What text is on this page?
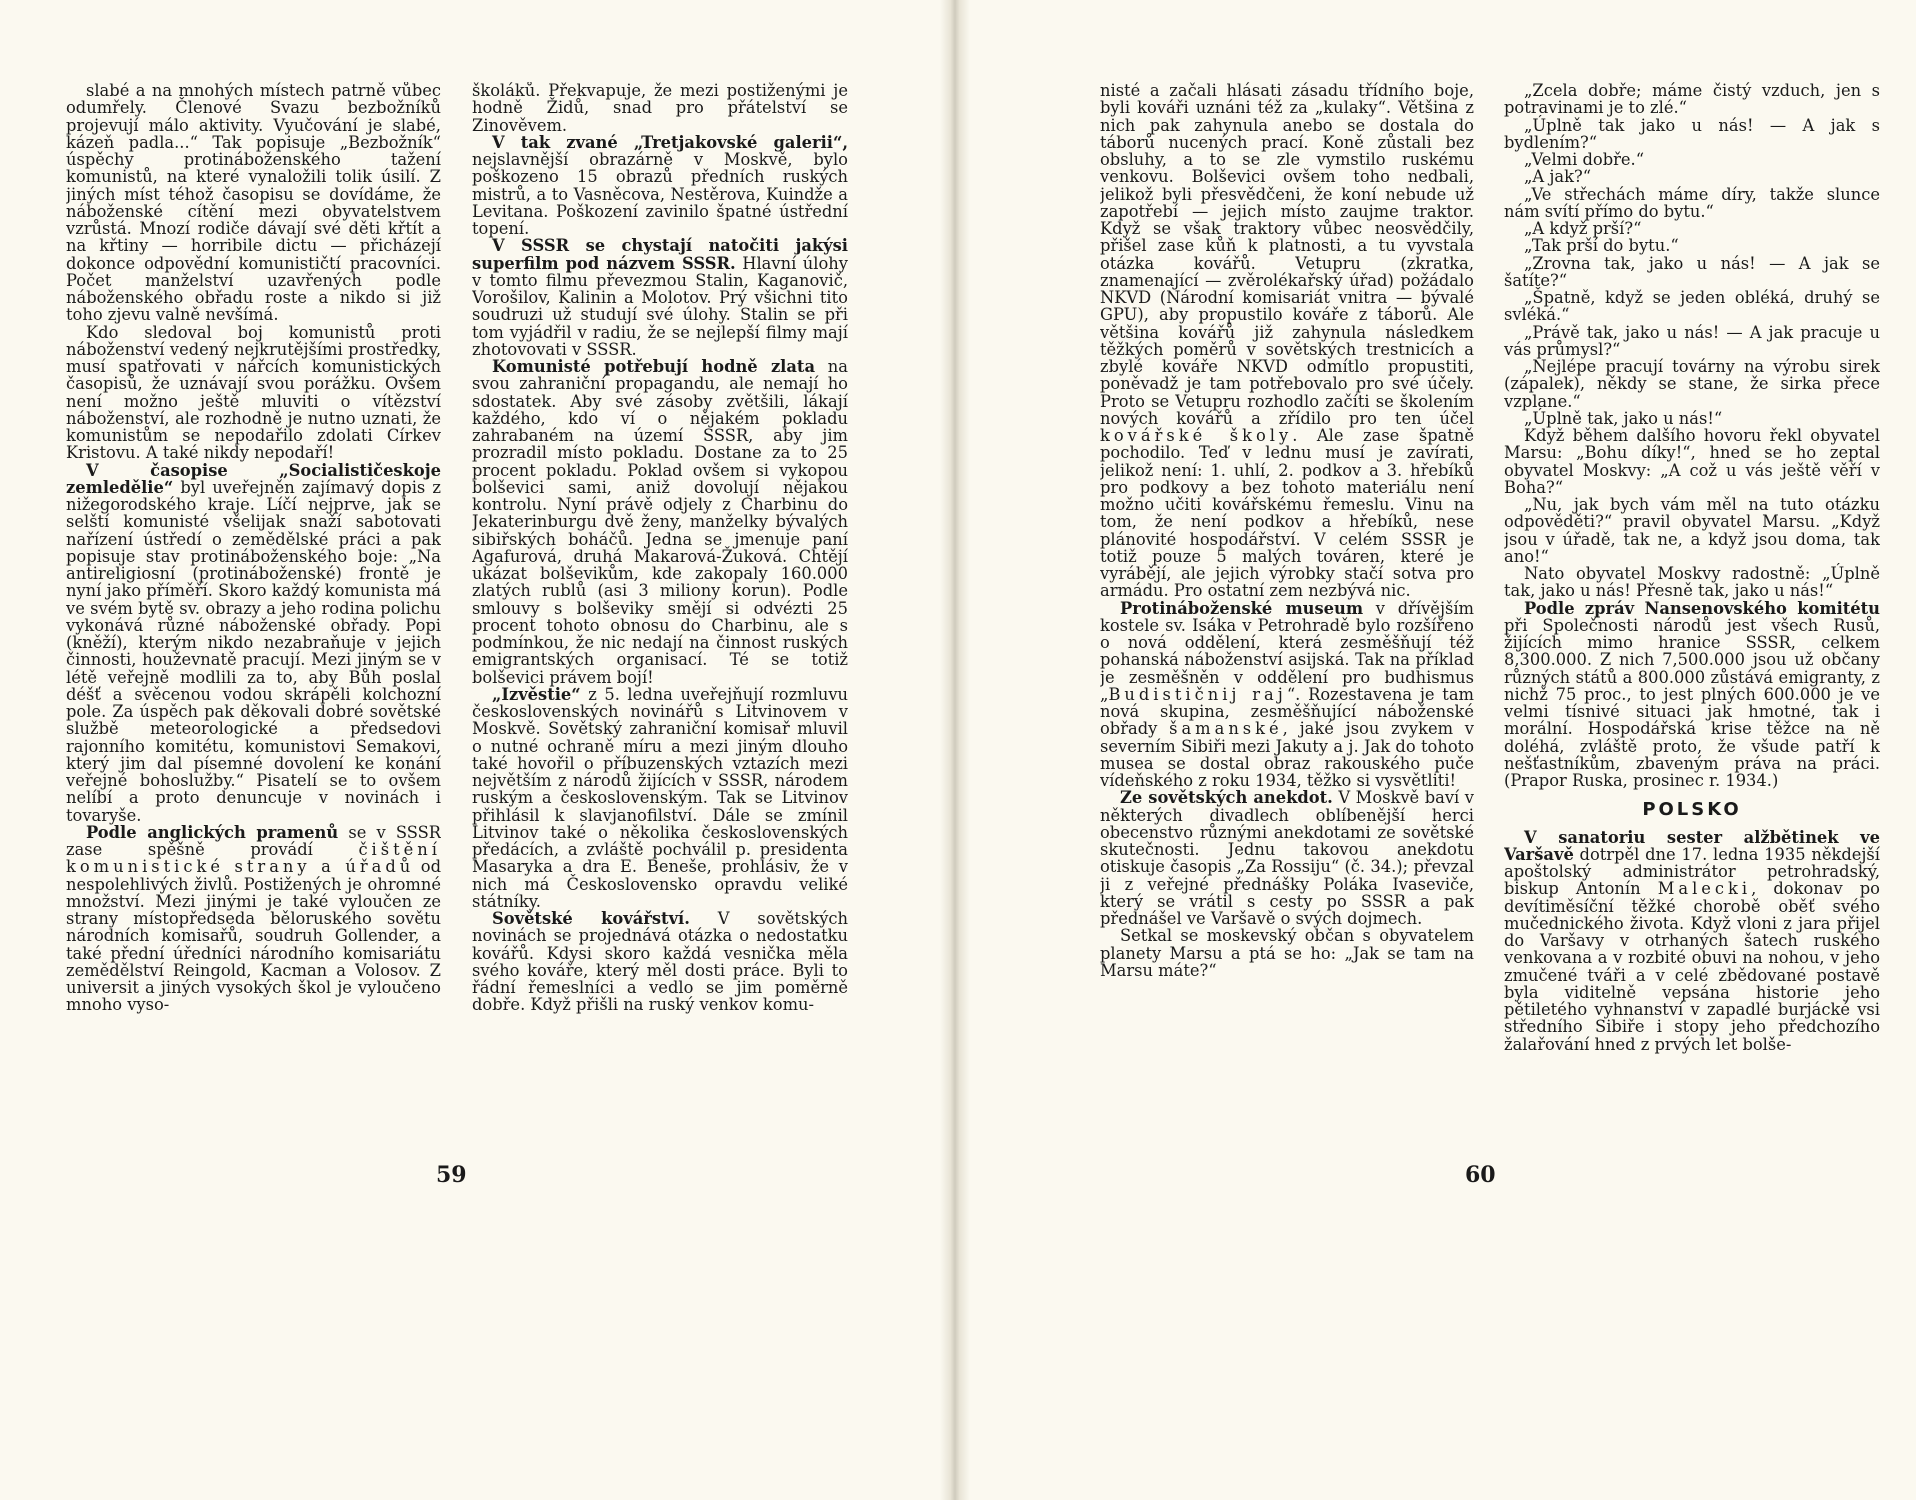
slabé a na mnohých místech patrně vůbec odumřely. Členové Svazu bezbožníků projevují málo aktivity. Vyučování je slabé, kázeň padla...“ Tak popisuje „Bezbožník“ úspěchy protináboženského tažení komunistů, na které vynaložili tolik úsilí. Z jiných míst téhož časopisu se dovídáme, že náboženské cítění mezi obyvatelstvem vzrůstá. Mnozí rodiče dávají své děti křtít a na křtiny — horribile dictu — přicházejí dokonce odpovědní komunističtí pracovníci. Počet manželství uzavřených podle náboženského obřadu roste a nikdo si již toho zjevu valně nevšímá.

Kdo sledoval boj komunistů proti náboženství vedený nejkrutějšími prostředky, musí spatřovati v nářcích komunistických časopisů, že uznávají svou porážku. Ovšem není možno ještě mluviti o vítězství náboženství, ale rozhodně je nutno uznati, že komunistům se nepodařilo zdolati Církev Kristovu. A také nikdy nepodaří!

V časopise „Socialističeskoje zemledělie“ byl uveřejněn zajímavý dopis z nižegorodského kraje. Líčí nejprve, jak se selští komunisté všelijak snaží sabotovati nařízení ústředí o zemědělské práci a pak popisuje stav protináboženského boje: „Na antireligiosní (protináboženské) frontě je nyní jako příměří. Skoro každý komunista má ve svém bytě sv. obrazy a jeho rodina polichu vykonává různé náboženské obřady. Popi (kněží), kterým nikdo nezabraňuje v jejich činnosti, houževnatě pracují. Mezi jiným se v létě veřejně modlili za to, aby Bůh poslal déšť a svěcenou vodou skrápěli kolchozní pole. Za úspěch pak děkovali dobré sovětské službě meteorologické a předsedovi rajonního komitétu, komunistovi Semakovi, který jim dal písemné dovolení ke konání veřejné bohoslužby.“ Pisatelí se to ovšem nelíbí a proto denuncuje v novinách i tovaryše.

Podle anglických pramenů se v SSSR zase spěšně provádí čištění komunistické strany a úřadů od nespolehlivých živlů. Postižených je ohromné množství. Mezi jinými je také vyloučen ze strany místopředseda běloruského sovětu národních komisařů, soudruh Gollender, a také přední úředníci národního komisariátu zemědělství Reingold, Kacman a Volosov. Z universit a jiných vysokých škol je vyloučeno mnoho vyso-

školáků. Překvapuje, že mezi postiženými je hodně Židů, snad pro přátelství se Zinověvem.

V tak zvané „Tretjakovské galerii“, nejslavnější obrazárně v Moskvě, bylo poškozeno 15 obrazů předních ruských mistrů, a to Vasněcova, Nestěrova, Kuindže a Levitana. Poškození zavinilo špatné ústřední topení.

V SSSR se chystají natočiti jakýsi superfilm pod názvem SSSR. Hlavní úlohy v tomto filmu převezmou Stalin, Kaganovič, Vorošilov, Kalinin a Molotov. Prý všichni tito soudruzi už studují své úlohy. Stalin se při tom vyjádřil v radiu, že se nejlepší filmy mají zhotovovati v SSSR.

Komunisté potřebují hodně zlata na svou zahraniční propagandu, ale nemají ho sdostatek. Aby své zásoby zvětšili, lákají každého, kdo ví o nějakém pokladu zahrabaném na území SSSR, aby jim prozradil místo pokladu. Dostane za to 25 procent pokladu. Poklad ovšem si vykopou bolševici sami, aniž dovolují nějakou kontrolu. Nyní právě odjely z Charbinu do Jekaterinburgu dvě ženy, manželky bývalých sibiřských boháčů. Jedna se jmenuje paní Agafurová, druhá Makarová-Žuková. Chtějí ukázat bolševikům, kde zakopaly 160.000 zlatých rublů (asi 3 miliony korun). Podle smlouvy s bolševiky smějí si odvézti 25 procent tohoto obnosu do Charbinu, ale s podmínkou, že nic nedají na činnost ruských emigrantských organisací. Té se totiž bolševici právem bojí!

„Izvěstie“ z 5. ledna uveřejňují rozmluvu československých novinářů s Litvinovem v Moskvě. Sovětský zahraniční komisař mluvil o nutné ochraně míru a mezi jiným dlouho také hovořil o příbuzenských vztazích mezi největším z národů žijících v SSSR, národem ruským a československým. Tak se Litvinov přihlásil k slavjanofilství. Dále se zmínil Litvinov také o několika československých předácích, a zvláště pochválil p. presidenta Masaryka a dra E. Beneše, prohlásiv, že v nich má Československo opravdu veliké státníky.

Sovětské kovářství. V sovětských novinách se projednává otázka o nedostatku kovářů. Kdysi skoro každá vesnička měla svého kováře, který měl dosti práce. Byli to řádní řemeslníci a vedlo se jim poměrně dobře. Když přišli na ruský venkov komu-

59

nisté a začali hlásati zásadu třídního boje, byli kováři uznáni též za „kulaky“. Většina z nich pak zahynula anebo se dostala do táborů nucených prací. Koně zůstali bez obsluhy, a to se zle vymstilo ruskému venkovu. Bolševici ovšem toho nedbali, jelikož byli přesvědčeni, že koní nebude už zapotřebí — jejich místo zaujme traktor. Když se však traktory vůbec neosvědčily, přišel zase kůň k platnosti, a tu vyvstala otázka kovářů. Vetupru (zkratka, znamenající — zvěrolékařský úřad) požádalo NKVD (Národní komisariát vnitra — bývalé GPU), aby propustilo kováře z táborů. Ale většina kovářů již zahynula následkem těžkých poměrů v sovětských trestnicích a zbylé kováře NKVD odmítlo propustiti, poněvadž je tam potřebovalo pro své účely. Proto se Vetupru rozhodlo začíti se školením nových kovářů a zřídilo pro ten účel kovářské školy. Ale zase špatně pochodilo. Teď v lednu musí je zavírati, jelikož není: 1. uhlí, 2. podkov a 3. hřebíků pro podkovy a bez tohoto materiálu není možno učiti kovářskému řemeslu. Vinu na tom, že není podkov a hřebíků, nese plánovité hospodářství. V celém SSSR je totiž pouze 5 malých továren, které je vyrábějí, ale jejich výrobky stačí sotva pro armádu. Pro ostatní zem nezbývá nic.

Protináboženské museum v dřívějším kostele sv. Isáka v Petrohradě bylo rozšířeno o nová oddělení, která zesměšňují též pohanská náboženství asijská. Tak na příklad je zesměšněn v oddělení pro budhismus „Budističnij raj“. Rozestavena je tam nová skupina, zesměšňující náboženské obřady šamanské, jaké jsou zvykem v severním Sibiři mezi Jakuty a j. Jak do tohoto musea se dostal obraz rakouského puče vídeňského z roku 1934, těžko si vysvětliti!

Ze sovětských anekdot. V Moskvě baví v některých divadlech oblíbenější herci obecenstvo různými anekdotami ze sovětské skutečnosti. Jednu takovou anekdotu otiskuje časopis „Za Rossiju“ (č. 34.); převzal ji z veřejné přednášky Poláka Ivaseviče, který se vrátil s cesty po SSSR a pak přednášel ve Varšavě o svých dojmech.

Setkal se moskevský občan s obyvatelem planety Marsu a ptá se ho: „Jak se tam na Marsu máte?“

„Zcela dobře; máme čistý vzduch, jen s potravinami je to zlé.“

„Úplně tak jako u nás! — A jak s bydlením?“

„Velmi dobře.“

„A jak?“

„Ve střechách máme díry, takže slunce nám svítí přímo do bytu.“

„A když prší?“

„Tak prší do bytu.“

„Zrovna tak, jako u nás! — A jak se šatíte?“

„Špatně, když se jeden obléká, druhý se svléká.“

„Právě tak, jako u nás! — A jak pracuje u vás průmysl?“

„Nejlépe pracují továrny na výrobu sirek (zápalek), někdy se stane, že sirka přece vzplane.“

„Úplně tak, jako u nás!“

Když během dalšího hovoru řekl obyvatel Marsu: „Bohu díky!“, hned se ho zeptal obyvatel Moskvy: „A což u vás ještě věří v Boha?“

„Nu, jak bych vám měl na tuto otázku odpověděti?“ pravil obyvatel Marsu. „Když jsou v úřadě, tak ne, a když jsou doma, tak ano!“

Nato obyvatel Moskvy radostně: „Úplně tak, jako u nás! Přesně tak, jako u nás!“

Podle zpráv Nansenovského komitétu při Společnosti národů jest všech Rusů, žijících mimo hranice SSSR, celkem 8,300.000. Z nich 7,500.000 jsou už občany různých států a 800.000 zůstává emigranty, z nichž 75 proc., to jest plných 600.000 je ve velmi tísnivé situaci jak hmotné, tak i morální. Hospodářská krise těžce na ně doléhá, zvláště proto, že všude patří k nešťastníkům, zbaveným práva na práci. (Prapor Ruska, prosinec r. 1934.)

POLSKO

V sanatoriu sester alžbětinek ve Varšavě dotrpěl dne 17. ledna 1935 někdejší apoštolský administrátor petrohradský, biskup Antonín Malecki, dokonav po devítiměsíční těžké chorobě oběť svého mučednického života. Když vloni z jara přijel do Varšavy v otrhaných šatech ruského venkovana a v rozbité obuvi na nohou, v jeho zmučené tváři a v celé zbědované postavě byla viditelně vepsána historie jeho pětiletého vyhnanství v zapadlé burjácké vsi středního Sibiře i stopy jeho předchozího žalařování hned z prvých let bolše-

60
